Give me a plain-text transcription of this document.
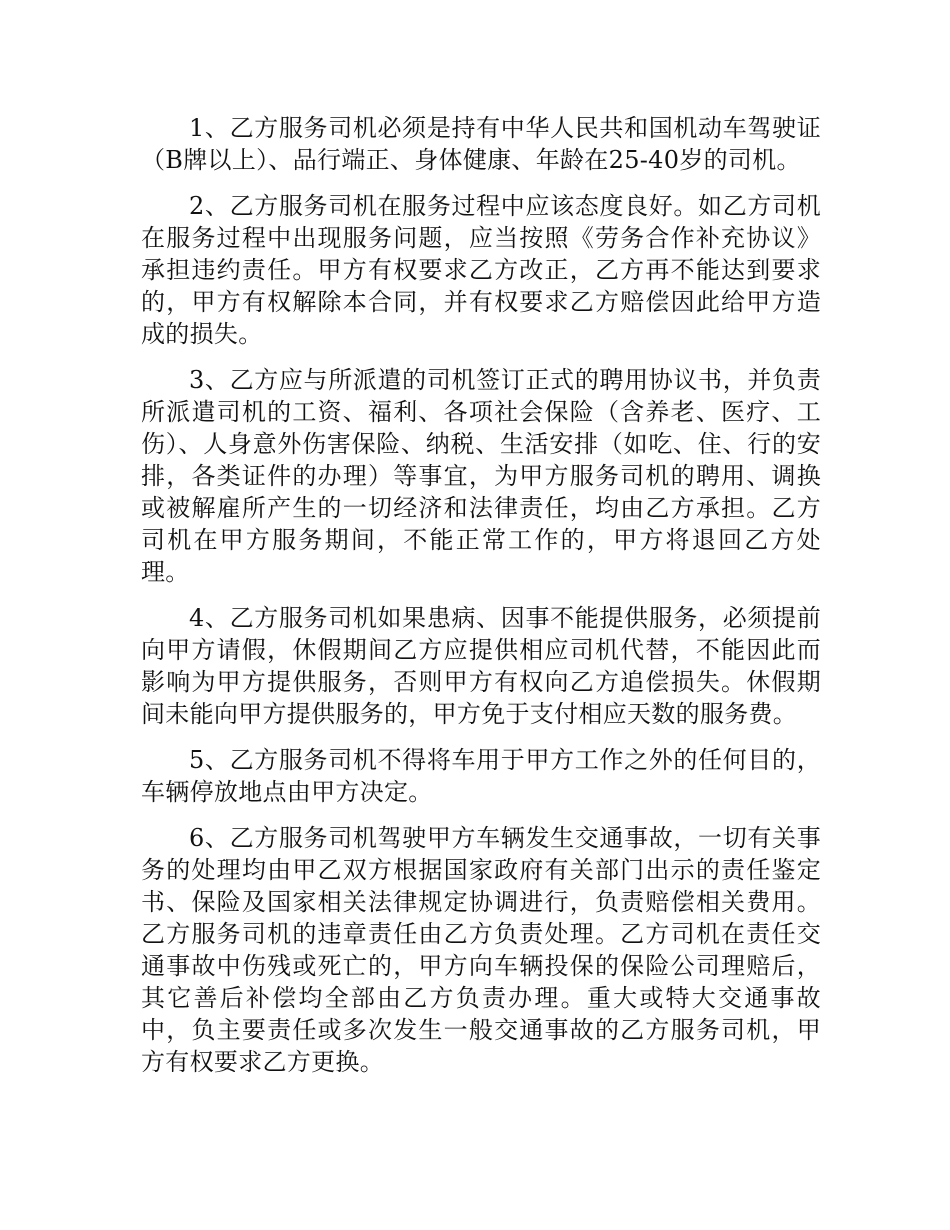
1、乙方服务司机必须是持有中华人民共和国机动车驾驶证（B牌以上）、品行端正、身体健康、年龄在25-40岁的司机。

2、乙方服务司机在服务过程中应该态度良好。如乙方司机在服务过程中出现服务问题，应当按照《劳务合作补充协议》承担违约责任。甲方有权要求乙方改正，乙方再不能达到要求的，甲方有权解除本合同，并有权要求乙方赔偿因此给甲方造成的损失。

3、乙方应与所派遣的司机签订正式的聘用协议书，并负责所派遣司机的工资、福利、各项社会保险（含养老、医疗、工伤）、人身意外伤害保险、纳税、生活安排（如吃、住、行的安排，各类证件的办理）等事宜，为甲方服务司机的聘用、调换或被解雇所产生的一切经济和法律责任，均由乙方承担。乙方司机在甲方服务期间，不能正常工作的，甲方将退回乙方处理。

4、乙方服务司机如果患病、因事不能提供服务，必须提前向甲方请假，休假期间乙方应提供相应司机代替，不能因此而影响为甲方提供服务，否则甲方有权向乙方追偿损失。休假期间未能向甲方提供服务的，甲方免于支付相应天数的服务费。

5、乙方服务司机不得将车用于甲方工作之外的任何目的，车辆停放地点由甲方决定。

6、乙方服务司机驾驶甲方车辆发生交通事故，一切有关事务的处理均由甲乙双方根据国家政府有关部门出示的责任鉴定书、保险及国家相关法律规定协调进行，负责赔偿相关费用。乙方服务司机的违章责任由乙方负责处理。乙方司机在责任交通事故中伤残或死亡的，甲方向车辆投保的保险公司理赔后，其它善后补偿均全部由乙方负责办理。重大或特大交通事故中，负主要责任或多次发生一般交通事故的乙方服务司机，甲方有权要求乙方更换。
